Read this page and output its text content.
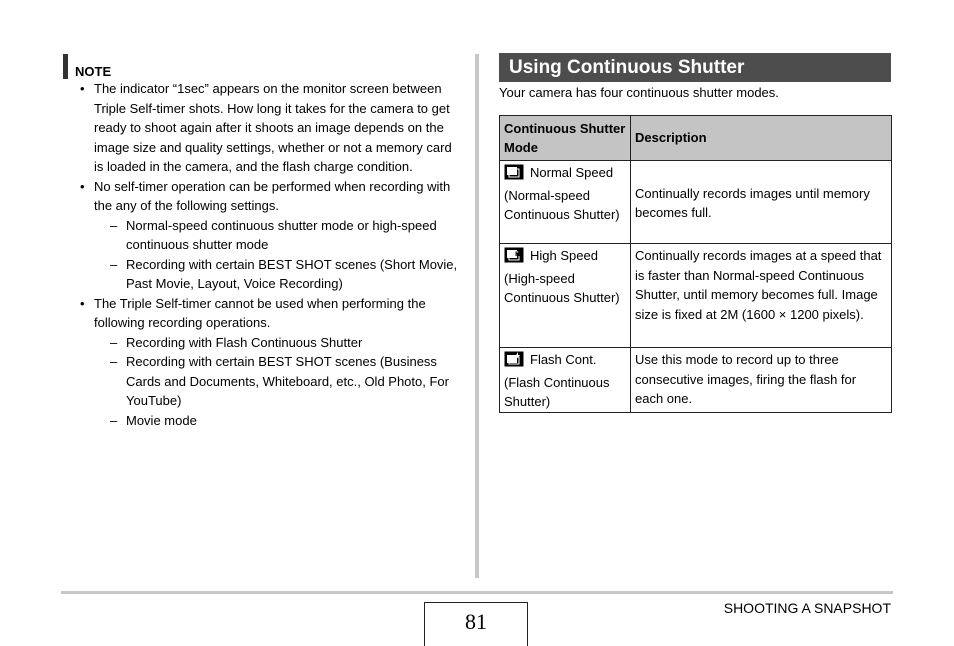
NOTE
• The indicator “1sec” appears on the monitor screen between Triple Self-timer shots. How long it takes for the camera to get ready to shoot again after it shoots an image depends on the image size and quality settings, whether or not a memory card is loaded in the camera, and the flash charge condition.
• No self-timer operation can be performed when recording with the any of the following settings.
– Normal-speed continuous shutter mode or high-speed continuous shutter mode
– Recording with certain BEST SHOT scenes (Short Movie, Past Movie, Layout, Voice Recording)
• The Triple Self-timer cannot be used when performing the following recording operations.
– Recording with Flash Continuous Shutter
– Recording with certain BEST SHOT scenes (Business Cards and Documents, Whiteboard, etc., Old Photo, For YouTube)
– Movie mode
Using Continuous Shutter
Your camera has four continuous shutter modes.
Continuous Shutter Mode	Description
Normal Speed
(Normal-speed Continuous Shutter)	Continually records images until memory becomes full.

H High Speed
(High-speed Continuous Shutter)	Continually records images at a speed that is faster than Normal-speed Continuous Shutter, until memory becomes full. Image size is fixed at 2M (1600 × 1200 pixels).
Flash Cont.
(Flash Continuous Shutter)	Use this mode to record up to three consecutive images, firing the flash for each one.
81
SHOOTING A SNAPSHOT
